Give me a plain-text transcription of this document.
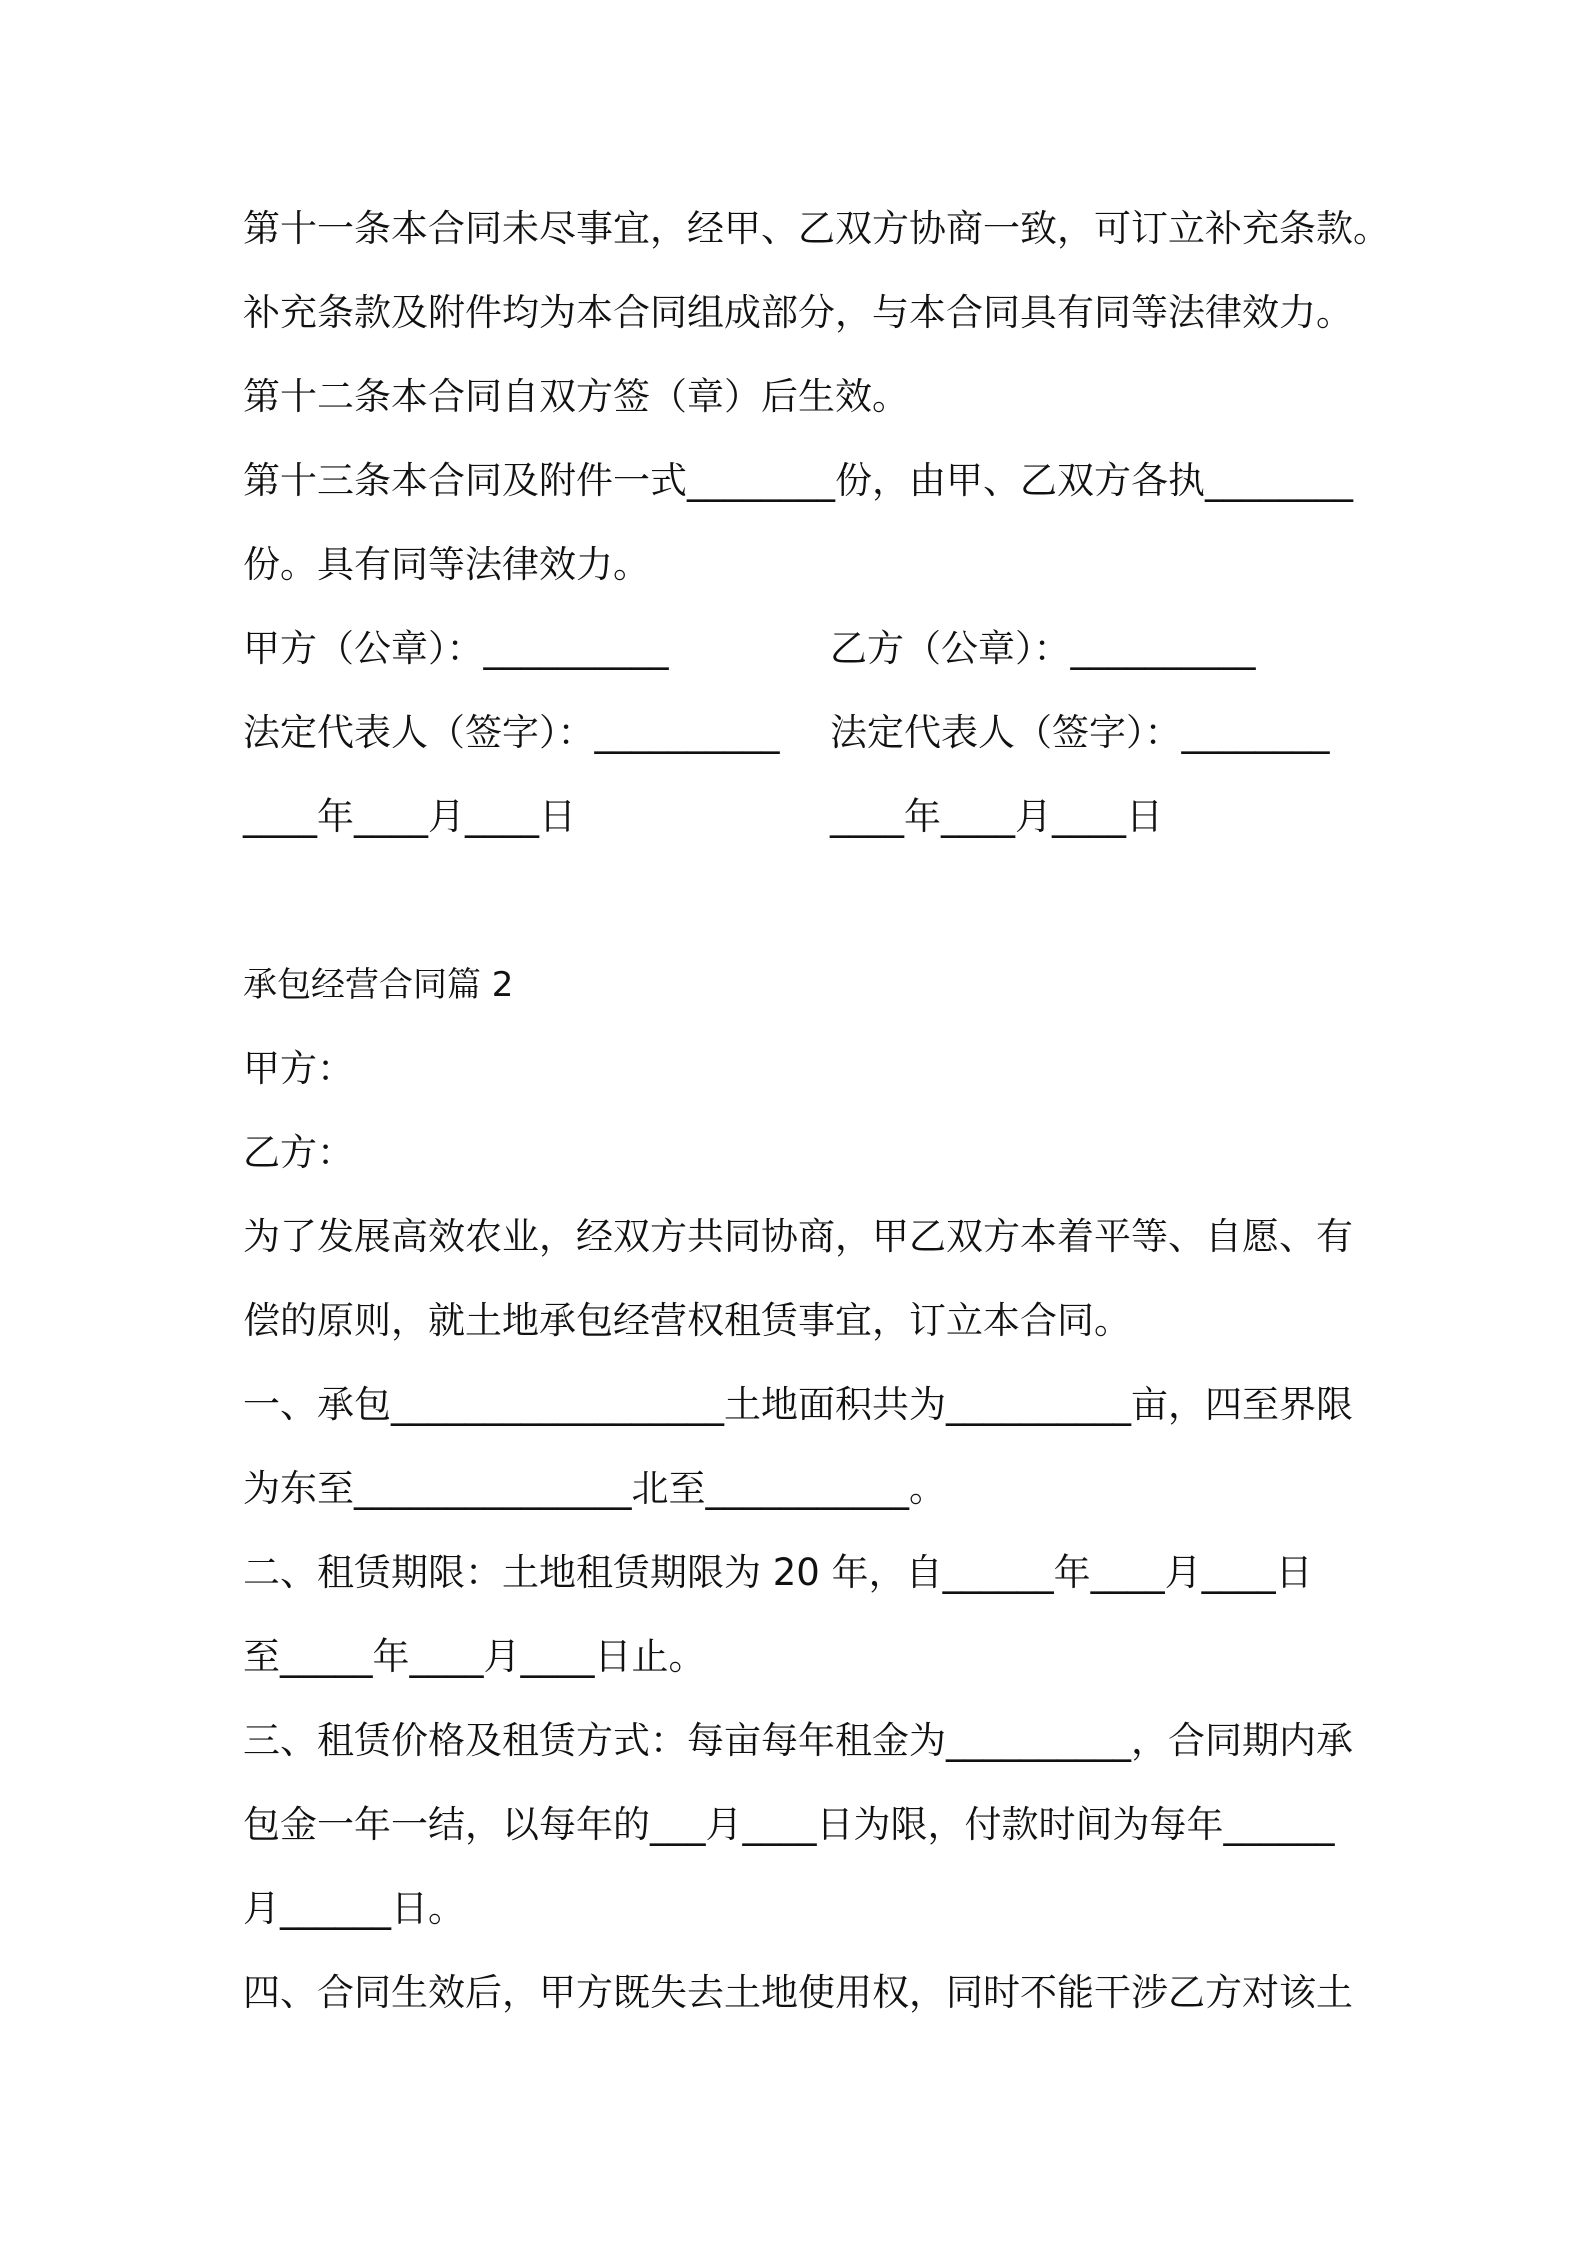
第十一条本合同未尽事宜，经甲、乙双方协商一致，可订立补充条款。

补充条款及附件均为本合同组成部分，与本合同具有同等法律效力。

第十二条本合同自双方签（章）后生效。

第十三条本合同及附件一式________份，由甲、乙双方各执________

份。具有同等法律效力。

甲方（公章）：__________	乙方（公章）：__________

法定代表人（签字）：__________ 法定代表人（签字）：________

____年____月____日	____年____月____日

承包经营合同篇 2

甲方：

乙方：

为了发展高效农业，经双方共同协商，甲乙双方本着平等、自愿、有

偿的原则，就土地承包经营权租赁事宜，订立本合同。

一、承包__________________土地面积共为__________亩，四至界限

为东至_______________北至___________。

二、租赁期限：土地租赁期限为 20 年，自______年____月____日

至_____年____月____日止。

三、租赁价格及租赁方式：每亩每年租金为__________，合同期内承

包金一年一结，以每年的___月____日为限，付款时间为每年______

月______日。

四、合同生效后，甲方既失去土地使用权，同时不能干涉乙方对该土
